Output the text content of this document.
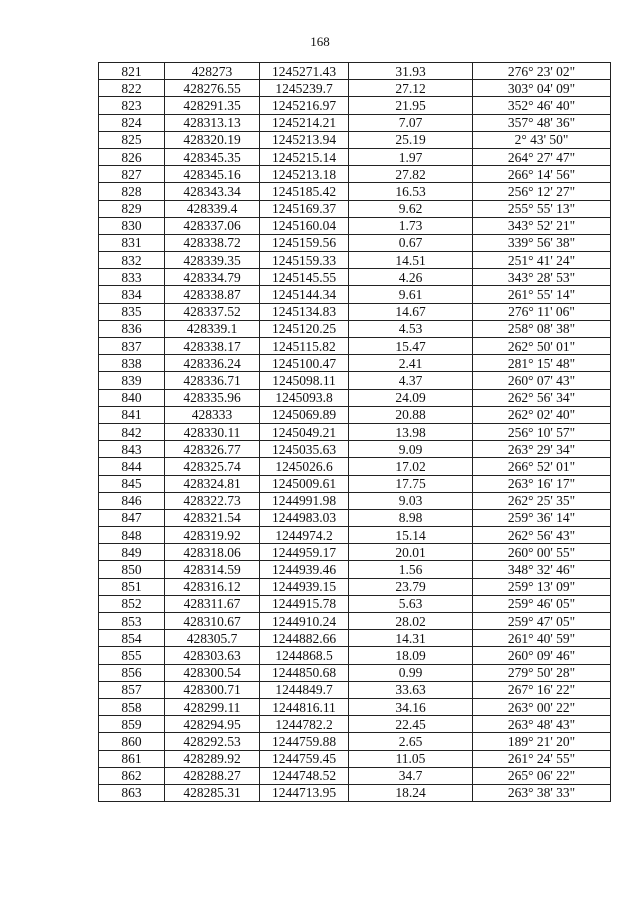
168
821	428273	1245271.43	31.93	276° 23' 02"
822	428276.55	1245239.7	27.12	303° 04' 09"
823	428291.35	1245216.97	21.95	352° 46' 40"
824	428313.13	1245214.21	7.07	357° 48' 36"
825	428320.19	1245213.94	25.19	2° 43' 50"
826	428345.35	1245215.14	1.97	264° 27' 47"
827	428345.16	1245213.18	27.82	266° 14' 56"
828	428343.34	1245185.42	16.53	256° 12' 27"
829	428339.4	1245169.37	9.62	255° 55' 13"
830	428337.06	1245160.04	1.73	343° 52' 21"
831	428338.72	1245159.56	0.67	339° 56' 38"
832	428339.35	1245159.33	14.51	251° 41' 24"
833	428334.79	1245145.55	4.26	343° 28' 53"
834	428338.87	1245144.34	9.61	261° 55' 14"
835	428337.52	1245134.83	14.67	276° 11' 06"
836	428339.1	1245120.25	4.53	258° 08' 38"
837	428338.17	1245115.82	15.47	262° 50' 01"
838	428336.24	1245100.47	2.41	281° 15' 48"
839	428336.71	1245098.11	4.37	260° 07' 43"
840	428335.96	1245093.8	24.09	262° 56' 34"
841	428333	1245069.89	20.88	262° 02' 40"
842	428330.11	1245049.21	13.98	256° 10' 57"
843	428326.77	1245035.63	9.09	263° 29' 34"
844	428325.74	1245026.6	17.02	266° 52' 01"
845	428324.81	1245009.61	17.75	263° 16' 17"
846	428322.73	1244991.98	9.03	262° 25' 35"
847	428321.54	1244983.03	8.98	259° 36' 14"
848	428319.92	1244974.2	15.14	262° 56' 43"
849	428318.06	1244959.17	20.01	260° 00' 55"
850	428314.59	1244939.46	1.56	348° 32' 46"
851	428316.12	1244939.15	23.79	259° 13' 09"
852	428311.67	1244915.78	5.63	259° 46' 05"
853	428310.67	1244910.24	28.02	259° 47' 05"
854	428305.7	1244882.66	14.31	261° 40' 59"
855	428303.63	1244868.5	18.09	260° 09' 46"
856	428300.54	1244850.68	0.99	279° 50' 28"
857	428300.71	1244849.7	33.63	267° 16' 22"
858	428299.11	1244816.11	34.16	263° 00' 22"
859	428294.95	1244782.2	22.45	263° 48' 43"
860	428292.53	1244759.88	2.65	189° 21' 20"
861	428289.92	1244759.45	11.05	261° 24' 55"
862	428288.27	1244748.52	34.7	265° 06' 22"
863	428285.31	1244713.95	18.24	263° 38' 33"
